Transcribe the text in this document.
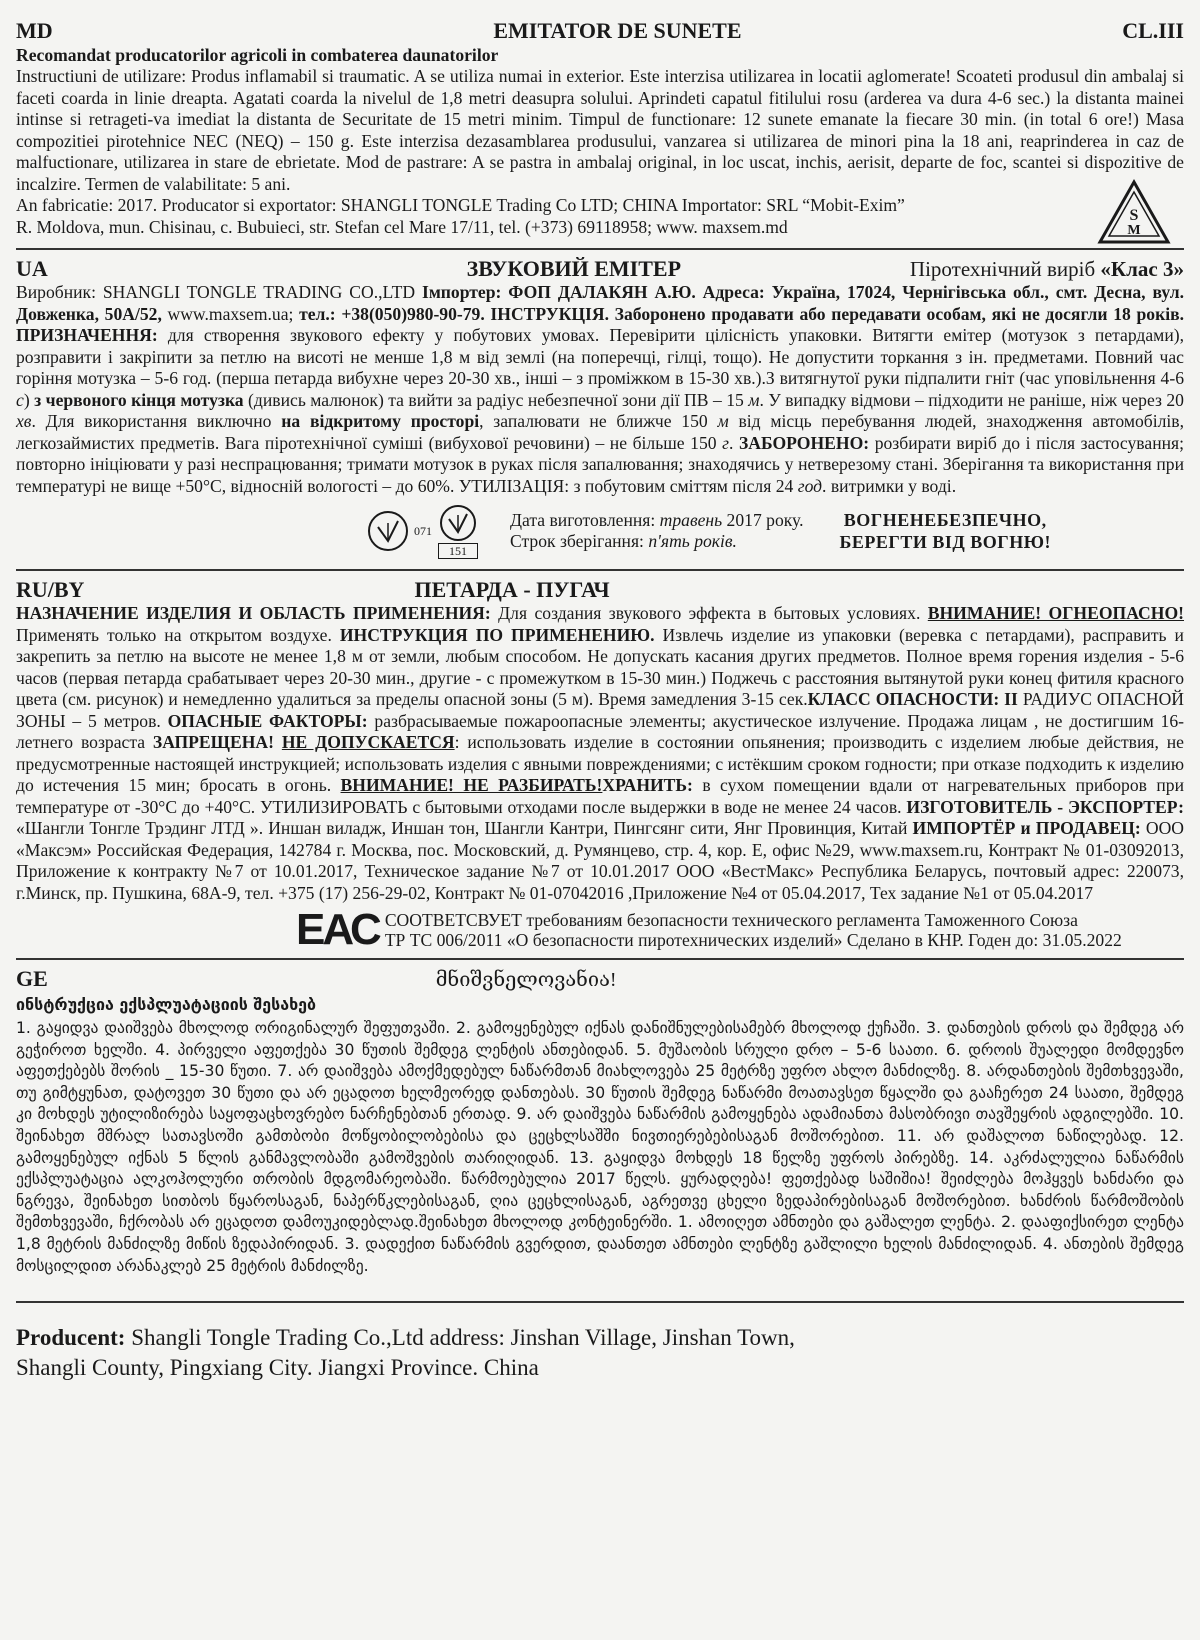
MD	EMITATOR DE SUNETE	CL.III
Recomandat producatorilor agricoli in combaterea daunatorilor

Instructiuni de utilizare: Produs inflamabil si traumatic. A se utiliza numai in exterior. Este interzisa utilizarea in locatii aglomerate! Scoateti produsul din ambalaj si faceti coarda in linie dreapta. Agatati coarda la nivelul de 1,8 metri deasupra solului. Aprindeti capatul fitilului rosu (arderea va dura 4-6 sec.) la distanta mainei intinse si retrageti-va imediat la distanta de Securitate de 15 metri minim. Timpul de functionare: 12 sunete emanate la fiecare 30 min. (in total 6 ore!) Masa compozitiei pirotehnice NEC (NEQ) – 150 g. Este interzisa dezasamblarea produsului, vanzarea si utilizarea de minori pina la 18 ani, reaprinderea in caz de malfuctionare, utilizarea in stare de ebrietate. Mod de pastrare: A se pastra in ambalaj original, in loc uscat, inchis, aerisit, departe de foc, scantei si dispozitive de incalzire. Termen de valabilitate: 5 ani.

An fabricatie: 2017. Producator si exportator: SHANGLI TONGLE Trading Co LTD; CHINA Importator: SRL “Mobit-Exim”

R. Moldova, mun. Chisinau, c. Bubuieci, str. Stefan cel Mare 17/11, tel. (+373) 69118958; www. maxsem.md

S
M
UA	ЗВУКОВИЙ ЕМІТЕР	Піротехнічний виріб «Клас 3»

Виробник: SHANGLI TONGLE TRADING CO.,LTD Імпортер: ФОП ДАЛАКЯН А.Ю. Адреса: Україна, 17024, Чернігівська обл., смт. Десна, вул. Довженка, 50А/52, www.maxsem.ua; тел.: +38(050)980-90-79. ІНСТРУКЦІЯ. Заборонено продавати або передавати особам, які не досягли 18 років. ПРИЗНАЧЕННЯ: для створення звукового ефекту у побутових умовах. Перевірити цілісність упаковки. Витягти емітер (мотузок з петардами), розправити і закріпити за петлю на висоті не менше 1,8 м від землі (на поперечці, гілці, тощо). Не допустити торкання з ін. предметами. Повний час горіння мотузка – 5-6 год. (перша петарда вибухне через 20-30 хв., інші – з проміжком в 15-30 хв.).З витягнутої руки підпалити гніт (час уповільнення 4-6 с) з червоного кінця мотузка (дивись малюнок) та вийти за радіус небезпечної зони дії ПВ – 15 м. У випадку відмови – підходити не раніше, ніж через 20 хв. Для використання виключно на відкритому просторі, запалювати не ближче 150 м від місць перебування людей, знаходження автомобілів, легкозаймистих предметів. Вага піротехнічної суміші (вибухової речовини) – не більше 150 г. ЗАБОРОНЕНО: розбирати виріб до і після застосування; повторно ініціювати у разі неспрацювання; тримати мотузок в руках після запалювання; знаходячись у нетверезому стані. Зберігання та використання при температурі не вище +50°С, відносній вологості – до 60%. УТИЛІЗАЦІЯ: з побутовим сміттям після 24 год. витримки у воді.

071
151
Дата виготовлення: травень 2017 року.
Строк зберігання: п'ять років.
ВОГНЕНЕБЕЗПЕЧНО,
БЕРЕГТИ ВІД ВОГНЮ!
RU/BY	ПЕТАРДА - ПУГАЧ

НАЗНАЧЕНИЕ ИЗДЕЛИЯ И ОБЛАСТЬ ПРИМЕНЕНИЯ: Для создания звукового эффекта в бытовых условиях. ВНИМАНИЕ! ОГНЕОПАСНО! Применять только на открытом воздухе. ИНСТРУКЦИЯ ПО ПРИМЕНЕНИЮ. Извлечь изделие из упаковки (веревка с петардами), расправить и закрепить за петлю на высоте не менее 1,8 м от земли, любым способом. Не допускать касания других предметов. Полное время горения изделия - 5-6 часов (первая петарда срабатывает через 20-30 мин., другие - с промежутком в 15-30 мин.) Поджечь с расстояния вытянутой руки конец фитиля красного цвета (см. рисунок) и немедленно удалиться за пределы опасной зоны (5 м). Время замедления 3-15 сек.КЛАСС ОПАСНОСТИ: II РАДИУС ОПАСНОЙ ЗОНЫ – 5 метров. ОПАСНЫЕ ФАКТОРЫ: разбрасываемые пожароопасные элементы; акустическое излучение. Продажа лицам , не достигшим 16-летнего возраста ЗАПРЕЩЕНА! НЕ ДОПУСКАЕТСЯ: использовать изделие в состоянии опьянения; производить с изделием любые действия, не предусмотренные настоящей инструкцией; использовать изделия с явными повреждениями; с истёкшим сроком годности; при отказе подходить к изделию до истечения 15 мин; бросать в огонь. ВНИМАНИЕ! НЕ РАЗБИРАТЬ!ХРАНИТЬ: в сухом помещении вдали от нагревательных приборов при температуре от -30°C до +40°C. УТИЛИЗИРОВАТЬ с бытовыми отходами после выдержки в воде не менее 24 часов. ИЗГОТОВИТЕЛЬ - ЭКСПОРТЕР: «Шангли Тонгле Трэдинг ЛТД ». Иншан виладж, Иншан тон, Шангли Кантри, Пингсянг сити, Янг Провинция, Китай ИМПОРТЁР и ПРОДАВЕЦ: ООО «Максэм» Российская Федерация, 142784 г. Москва, пос. Московский, д. Румянцево, стр. 4, кор. Е, офис №29, www.maxsem.ru, Контракт № 01-03092013, Приложение к контракту №7 от 10.01.2017, Техническое задание №7 от 10.01.2017 ООО «ВестМакс» Республика Беларусь, почтовый адрес: 220073, г.Минск, пр. Пушкина, 68А-9, тел. +375 (17) 256-29-02, Контракт № 01-07042016 ,Приложение №4 от 05.04.2017, Тех задание №1 от 05.04.2017

ЕАС СООТВЕТСВУЕТ требованиям безопасности технического регламента Таможенного Союза
ТР ТС 006/2011 «О безопасности пиротехнических изделий» Сделано в КНР. Годен до: 31.05.2022
GE	მნიშვნელოვანია!
ინსტრუქცია ექსპლუატაციის შესახებ

1. გაყიდვა დაიშვება მხოლოდ ორიგინალურ შეფუთვაში. 2. გამოყენებულ იქნას დანიშნულებისამებრ მხოლოდ ქუჩაში. 3. დანთების დროს და შემდეგ არ გეჭიროთ ხელში. 4. პირველი აფეთქება 30 წუთის შემდეგ ლენტის ანთებიდან. 5. მუშაობის სრული დრო – 5-6 საათი. 6. დროის შუალედი მომდევნო აფეთქებებს შორის _ 15-30 წუთი. 7. არ დაიშვება ამოქმედებულ ნაწარმთან მიახლოვება 25 მეტრზე უფრო ახლო მანძილზე. 8. არდანთების შემთხვევაში, თუ გიმტყუნათ, დატოვეთ 30 წუთი და არ ეცადოთ ხელმეორედ დანთებას. 30 წუთის შემდეგ ნაწარმი მოათავსეთ წყალში და გააჩერეთ 24 საათი, შემდეგ კი მოხდეს უტილიზირება საყოფაცხოვრებო ნარჩენებთან ერთად. 9. არ დაიშვება ნაწარმის გამოყენება ადამიანთა მასობრივი თავშეყრის ადგილებში. 10. შეინახეთ მშრალ სათავსოში გამთბობი მოწყობილობებისა და ცეცხლსაშში ნივთიერებებისაგან მოშორებით. 11. არ დაშალოთ ნაწილებად. 12. გამოყენებულ იქნას 5 წლის განმავლობაში გამოშვების თარიღიდან. 13. გაყიდვა მოხდეს 18 წელზე უფროს პირებზე. 14. აკრძალულია ნაწარმის ექსპლუატაცია ალკოჰოლური თრობის მდგომარეობაში. წარმოებულია 2017 წელს. ყურადღება! ფეთქებად საშიშია! შეიძლება მოჰყვეს ხანძარი და ნგრევა, შეინახეთ სითბოს წყაროსაგან, ნაპერწკლებისაგან, ღია ცეცხლისაგან, აგრეთვე ცხელი ზედაპირებისაგან მოშორებით. ხანძრის წარმოშობის შემთხვევაში, ჩქრობას არ ეცადოთ დამოუკიდებლად.შეინახეთ მხოლოდ კონტეინერში. 1. ამოიღეთ ამნთები და გაშალეთ ლენტა. 2. დააფიქსირეთ ლენტა 1,8 მეტრის მანძილზე მიწის ზედაპირიდან. 3. დადექით ნაწარმის გვერდით, დაანთეთ ამნთები ლენტზე გაშლილი ხელის მანძილიდან. 4. ანთების შემდეგ მოსცილდით არანაკლებ 25 მეტრის მანძილზე.

Producent: Shangli Tongle Trading Co.,Ltd address: Jinshan Village, Jinshan Town,
Shangli County, Pingxiang City. Jiangxi Province. China
